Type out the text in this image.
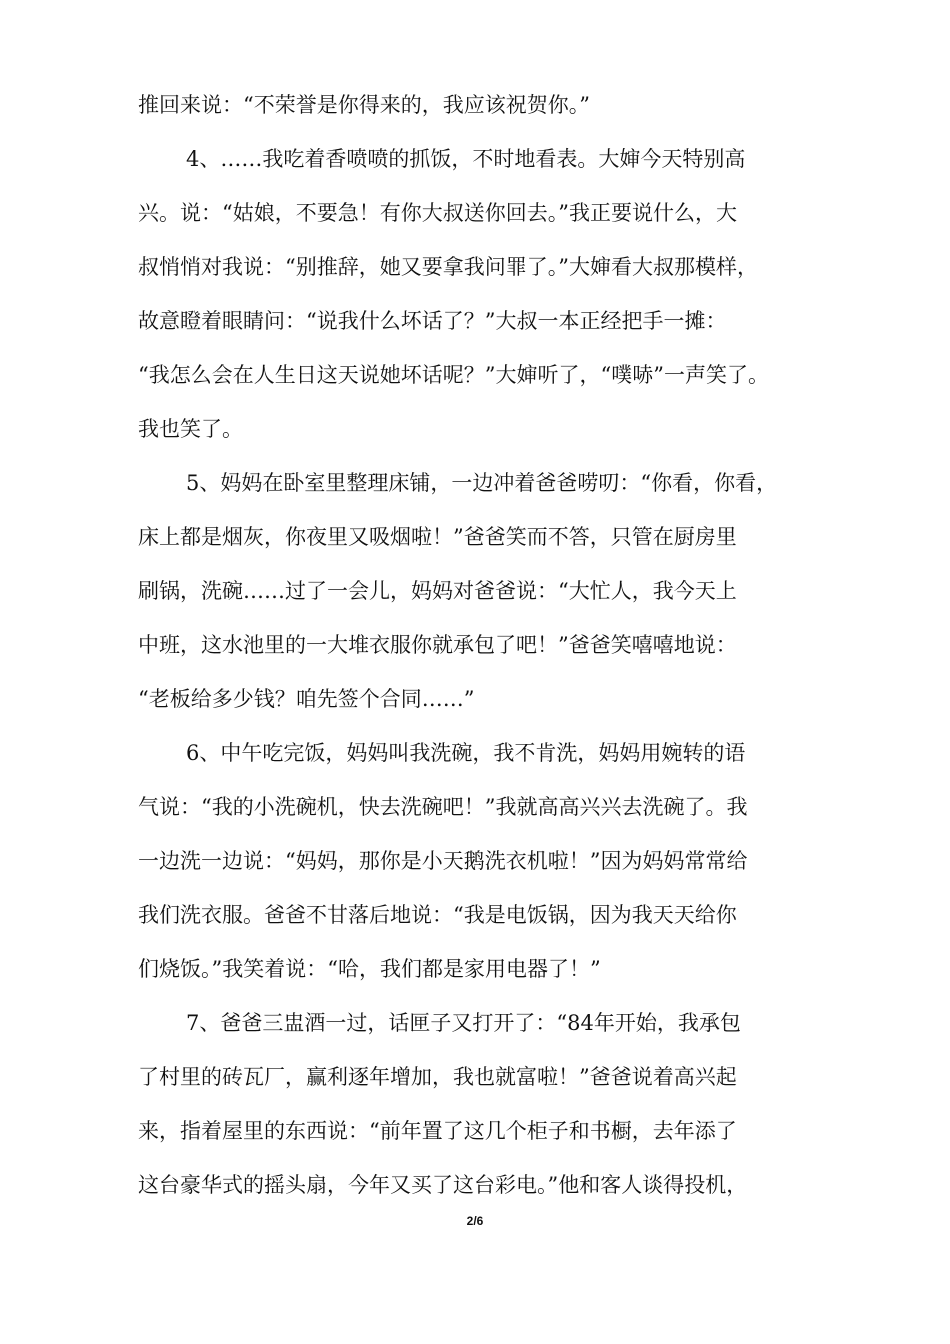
推回来说：“不荣誉是你得来的，我应该祝贺你。”
4、……我吃着香喷喷的抓饭，不时地看表。大婶今天特别高
兴。说：“姑娘，不要急！有你大叔送你回去。”我正要说什么，大
叔悄悄对我说：“别推辞，她又要拿我问罪了。”大婶看大叔那模样，
故意瞪着眼睛问：“说我什么坏话了？”大叔一本正经把手一摊：
“我怎么会在人生日这天说她坏话呢？”大婶听了，“噗哧”一声笑了。
我也笑了。
5、妈妈在卧室里整理床铺，一边冲着爸爸唠叨：“你看，你看，
床上都是烟灰，你夜里又吸烟啦！”爸爸笑而不答，只管在厨房里
刷锅，洗碗……过了一会儿，妈妈对爸爸说：“大忙人，我今天上
中班，这水池里的一大堆衣服你就承包了吧！”爸爸笑嘻嘻地说：
“老板给多少钱？咱先签个合同……”
6、中午吃完饭，妈妈叫我洗碗，我不肯洗，妈妈用婉转的语
气说：“我的小洗碗机，快去洗碗吧！”我就高高兴兴去洗碗了。我
一边洗一边说：“妈妈，那你是小天鹅洗衣机啦！”因为妈妈常常给
我们洗衣服。爸爸不甘落后地说：“我是电饭锅，因为我天天给你
们烧饭。”我笑着说：“哈，我们都是家用电器了！”
7、爸爸三盅酒一过，话匣子又打开了：“84年开始，我承包
了村里的砖瓦厂，赢利逐年增加，我也就富啦！”爸爸说着高兴起
来，指着屋里的东西说：“前年置了这几个柜子和书橱，去年添了
这台豪华式的摇头扇，今年又买了这台彩电。”他和客人谈得投机，
2/6
